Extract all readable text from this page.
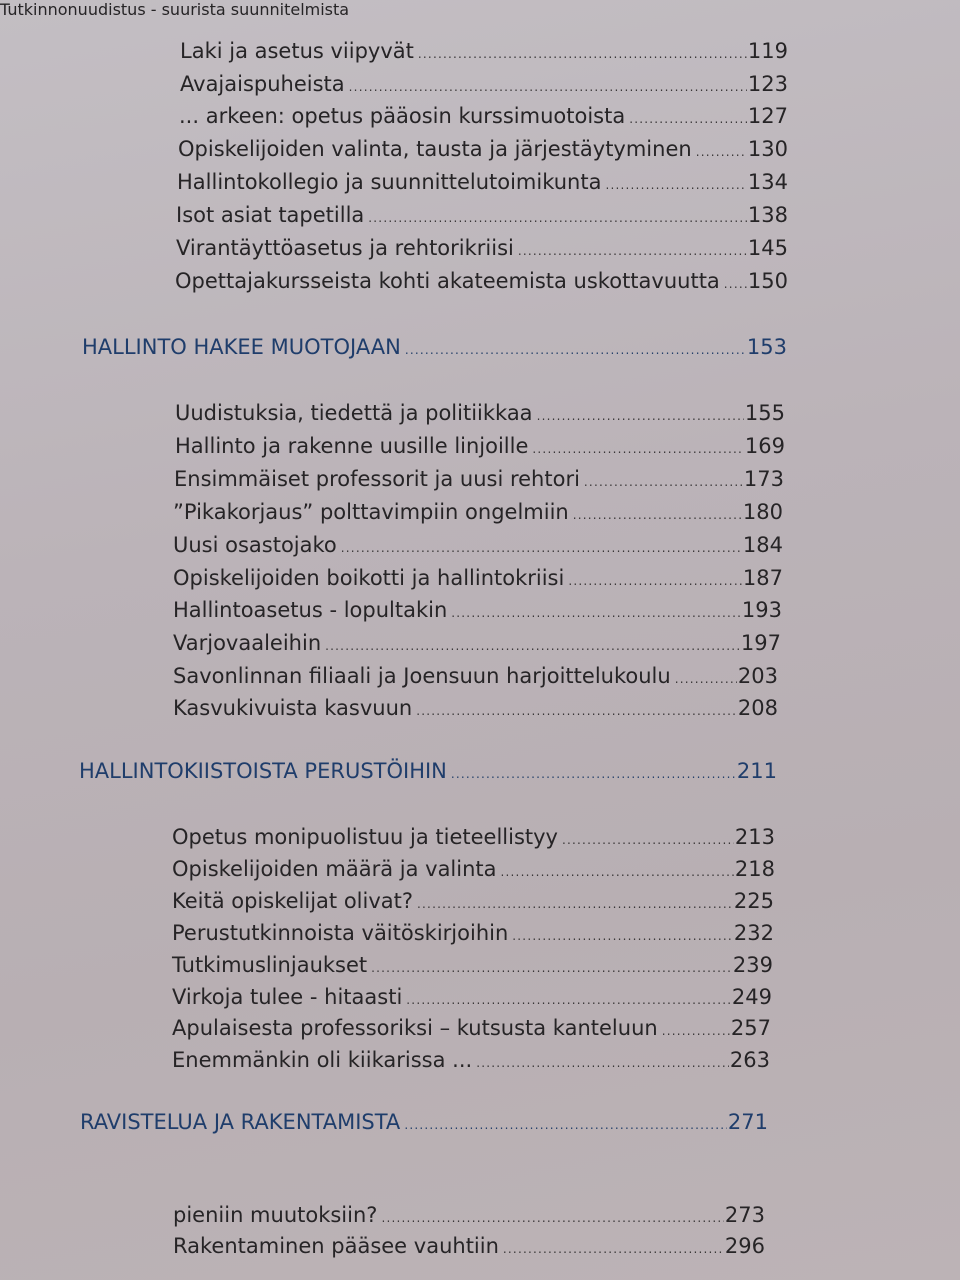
Laki ja asetus viipyvät .....	119
Avajaispuheista .....	123
... arkeen: opetus pääosin kurssimuotoista .....	127
Opiskelijoiden valinta, tausta ja järjestäytyminen .....	130
Hallintokollegio ja suunnittelutoimikunta .....	134
Isot asiat tapetilla .....	138
Virantäyttöasetus ja rehtorikriisi .....	145
Opettajakursseista kohti akateemista uskottavuutta ..... 150
HALLINTO HAKEE MUOTOJAAN .....	153
Uudistuksia, tiedettä ja politiikkaa .....	155
Hallinto ja rakenne uusille linjoille .....	169
Ensimmäiset professorit ja uusi rehtori .....	173
”Pikakorjaus” polttavimpiin ongelmiin .....	180
Uusi osastojako .....	184
Opiskelijoiden boikotti ja hallintokriisi .....	187
Hallintoasetus - lopultakin .....	193
Varjovaaleihin .....	197
Savonlinnan filiaali ja Joensuun harjoittelukoulu .....	203
Kasvukivuista kasvuun .....	208
HALLINTOKIISTOISTA PERUSTÖIHIN .....	211
Opetus monipuolistuu ja tieteellistyy .....	213
Opiskelijoiden määrä ja valinta .....	218
Keitä opiskelijat olivat? .....	225
Perustutkinnoista väitöskirjoihin .....	232
Tutkimuslinjaukset .....	239
Virkoja tulee - hitaasti .....	249
Apulaisesta professoriksi – kutsusta kanteluun .....	257
Enemmänkin oli kiikarissa ... .....	263
RAVISTELUA JA RAKENTAMISTA .....	271
Tutkinnonuudistus - suurista suunnitelmista
pieniin muutoksiin? .....	273
Rakentaminen pääsee vauhtiin .....	296
